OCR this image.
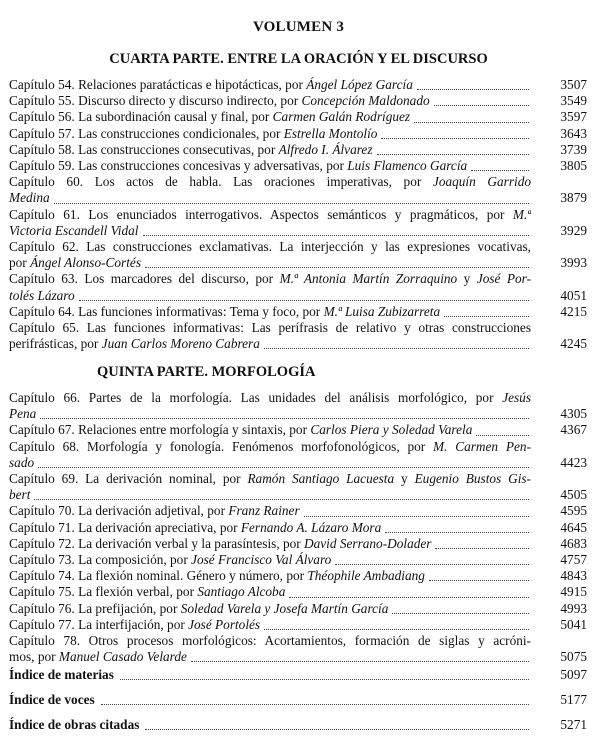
VOLUMEN 3
CUARTA PARTE. ENTRE LA ORACIÓN Y EL DISCURSO
Capítulo 54. Relaciones paratácticas e hipotácticas, por Ángel López García	3507
Capítulo 55. Discurso directo y discurso indirecto, por Concepción Maldonado	3549
Capítulo 56. La subordinación causal y final, por Carmen Galán Rodríguez	3597
Capítulo 57. Las construcciones condicionales, por Estrella Montolío	3643
Capítulo 58. Las construcciones consecutivas, por Alfredo I. Álvarez	3739
Capítulo 59. Las construcciones concesivas y adversativas, por Luis Flamenco García	3805
Capítulo 60. Los actos de habla. Las oraciones imperativas, por Joaquín Garrido
Medina	3879
Capítulo 61. Los enunciados interrogativos. Aspectos semánticos y pragmáticos, por M.ª
Victoria Escandell Vidal	3929
Capítulo 62. Las construcciones exclamativas. La interjección y las expresiones vocativas,
por Ángel Alonso-Cortés	3993
Capítulo 63. Los marcadores del discurso, por M.ª Antonia Martín Zorraquino y José Por-
tolés Lázaro	4051
Capítulo 64. Las funciones informativas: Tema y foco, por M.ª Luisa Zubizarreta	4215
Capítulo 65. Las funciones informativas: Las perífrasis de relativo y otras construcciones
perifrásticas, por Juan Carlos Moreno Cabrera	4245
QUINTA PARTE. MORFOLOGÍA
Capítulo 66. Partes de la morfología. Las unidades del análisis morfológico, por Jesús
Pena	4305
Capítulo 67. Relaciones entre morfología y sintaxis, por Carlos Piera y Soledad Varela	4367
Capítulo 68. Morfología y fonología. Fenómenos morfofonológicos, por M. Carmen Pen-
sado	4423
Capítulo 69. La derivación nominal, por Ramón Santiago Lacuesta y Eugenio Bustos Gis-
bert	4505
Capítulo 70. La derivación adjetival, por Franz Rainer	4595
Capítulo 71. La derivación apreciativa, por Fernando A. Lázaro Mora	4645
Capítulo 72. La derivación verbal y la parasíntesis, por David Serrano-Dolader	4683
Capítulo 73. La composición, por José Francisco Val Álvaro	4757
Capítulo 74. La flexión nominal. Género y número, por Théophile Ambadiang	4843
Capítulo 75. La flexión verbal, por Santiago Alcoba	4915
Capítulo 76. La prefijación, por Soledad Varela y Josefa Martín García	4993
Capítulo 77. La interfijación, por José Portolés	5041
Capítulo 78. Otros procesos morfológicos: Acortamientos, formación de siglas y acróni-
mos, por Manuel Casado Velarde	5075
Índice de materias	5097
Índice de voces	5177
Índice de obras citadas	5271
